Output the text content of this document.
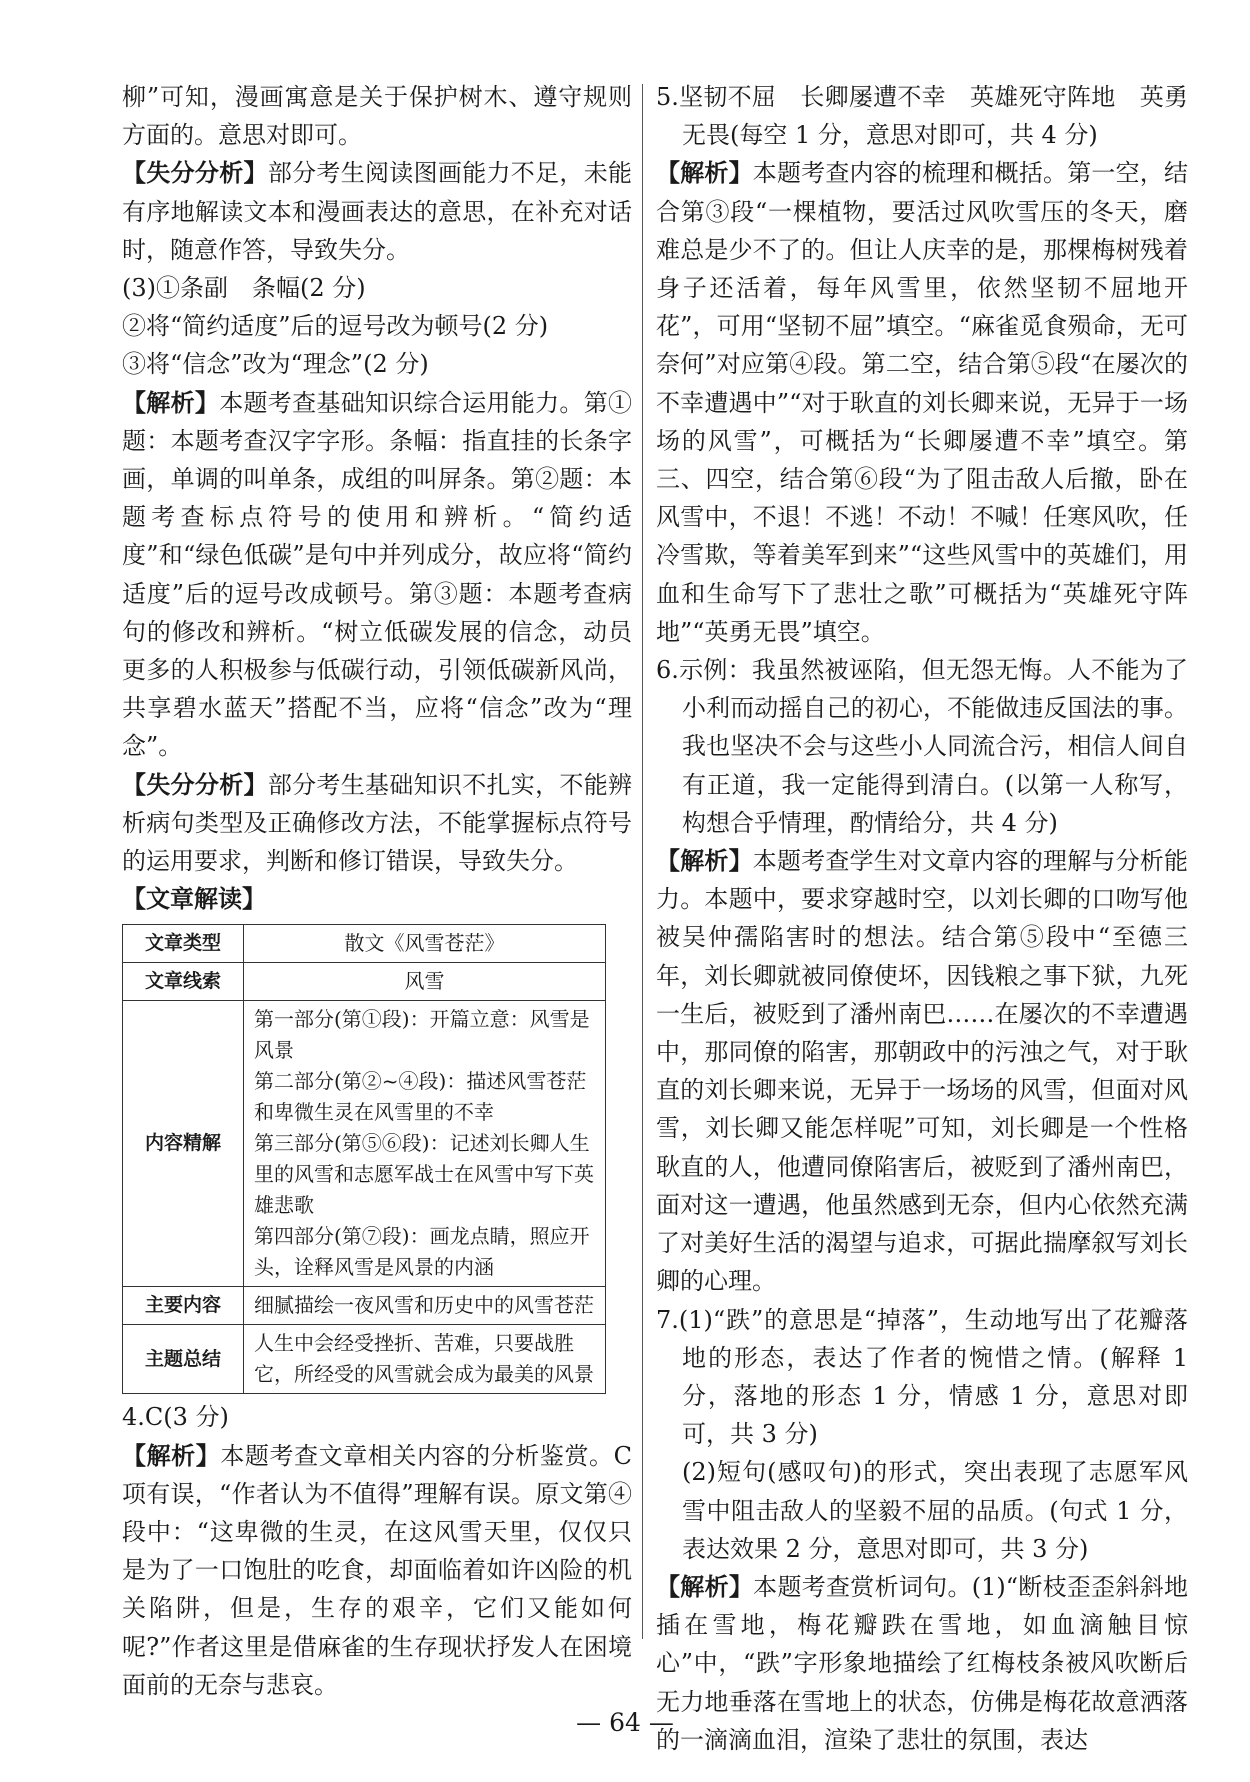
柳”可知，漫画寓意是关于保护树木、遵守规则方面的。意思对即可。

【失分分析】部分考生阅读图画能力不足，未能有序地解读文本和漫画表达的意思，在补充对话时，随意作答，导致失分。

(3)①条副　条幅(2 分)

②将“简约适度”后的逗号改为顿号(2 分)

③将“信念”改为“理念”(2 分)

【解析】本题考查基础知识综合运用能力。第①题：本题考查汉字字形。条幅：指直挂的长条字画，单调的叫单条，成组的叫屏条。第②题：本题考查标点符号的使用和辨析。“简约适度”和“绿色低碳”是句中并列成分，故应将“简约适度”后的逗号改成顿号。第③题：本题考查病句的修改和辨析。“树立低碳发展的信念，动员更多的人积极参与低碳行动，引领低碳新风尚，共享碧水蓝天”搭配不当，应将“信念”改为“理念”。

【失分分析】部分考生基础知识不扎实，不能辨析病句类型及正确修改方法，不能掌握标点符号的运用要求，判断和修订错误，导致失分。

【文章解读】

文章类型	散文《风雪苍茫》
文章线索	风雪
内容精解	第一部分(第①段)：开篇立意：风雪是风景
第二部分(第②~④段)：描述风雪苍茫和卑微生灵在风雪里的不幸
第三部分(第⑤⑥段)：记述刘长卿人生里的风雪和志愿军战士在风雪中写下英雄悲歌
第四部分(第⑦段)：画龙点睛，照应开头，诠释风雪是风景的内涵

主要内容	细腻描绘一夜风雪和历史中的风雪苍茫
主题总结	人生中会经受挫折、苦难，只要战胜它，所经受的风雪就会成为最美的风景

4.C(3 分)

【解析】本题考查文章相关内容的分析鉴赏。C 项有误，“作者认为不值得”理解有误。原文第④段中：“这卑微的生灵，在这风雪天里，仅仅只是为了一口饱肚的吃食，却面临着如许凶险的机关陷阱，但是，生存的艰辛，它们又能如何呢?”作者这里是借麻雀的生存现状抒发人在困境面前的无奈与悲哀。

5.坚韧不屈　长卿屡遭不幸　英雄死守阵地　英勇无畏(每空 1 分，意思对即可，共 4 分)

【解析】本题考查内容的梳理和概括。第一空，结合第③段“一棵植物，要活过风吹雪压的冬天，磨难总是少不了的。但让人庆幸的是，那棵梅树残着身子还活着，每年风雪里，依然坚韧不屈地开花”，可用“坚韧不屈”填空。“麻雀觅食殒命，无可奈何”对应第④段。第二空，结合第⑤段“在屡次的不幸遭遇中”“对于耿直的刘长卿来说，无异于一场场的风雪”，可概括为“长卿屡遭不幸”填空。第三、四空，结合第⑥段“为了阻击敌人后撤，卧在风雪中，不退！不逃！不动！不喊！任寒风吹，任冷雪欺，等着美军到来”“这些风雪中的英雄们，用血和生命写下了悲壮之歌”可概括为“英雄死守阵地”“英勇无畏”填空。

6.示例：我虽然被诬陷，但无怨无悔。人不能为了小利而动摇自己的初心，不能做违反国法的事。我也坚决不会与这些小人同流合污，相信人间自有正道，我一定能得到清白。(以第一人称写，构想合乎情理，酌情给分，共 4 分)

【解析】本题考查学生对文章内容的理解与分析能力。本题中，要求穿越时空，以刘长卿的口吻写他被吴仲孺陷害时的想法。结合第⑤段中“至德三年，刘长卿就被同僚使坏，因钱粮之事下狱，九死一生后，被贬到了潘州南巴……在屡次的不幸遭遇中，那同僚的陷害，那朝政中的污浊之气，对于耿直的刘长卿来说，无异于一场场的风雪，但面对风雪，刘长卿又能怎样呢”可知，刘长卿是一个性格耿直的人，他遭同僚陷害后，被贬到了潘州南巴，面对这一遭遇，他虽然感到无奈，但内心依然充满了对美好生活的渴望与追求，可据此揣摩叙写刘长卿的心理。

7.(1)“跌”的意思是“掉落”，生动地写出了花瓣落地的形态，表达了作者的惋惜之情。(解释 1 分，落地的形态 1 分，情感 1 分，意思对即可，共 3 分)

(2)短句(感叹句)的形式，突出表现了志愿军风雪中阻击敌人的坚毅不屈的品质。(句式 1 分，表达效果 2 分，意思对即可，共 3 分)

【解析】本题考查赏析词句。(1)“断枝歪歪斜斜地插在雪地，梅花瓣跌在雪地，如血滴触目惊心”中，“跌”字形象地描绘了红梅枝条被风吹断后无力地垂落在雪地上的状态，仿佛是梅花故意洒落的一滴滴血泪，渲染了悲壮的氛围，表达

— 64 —
